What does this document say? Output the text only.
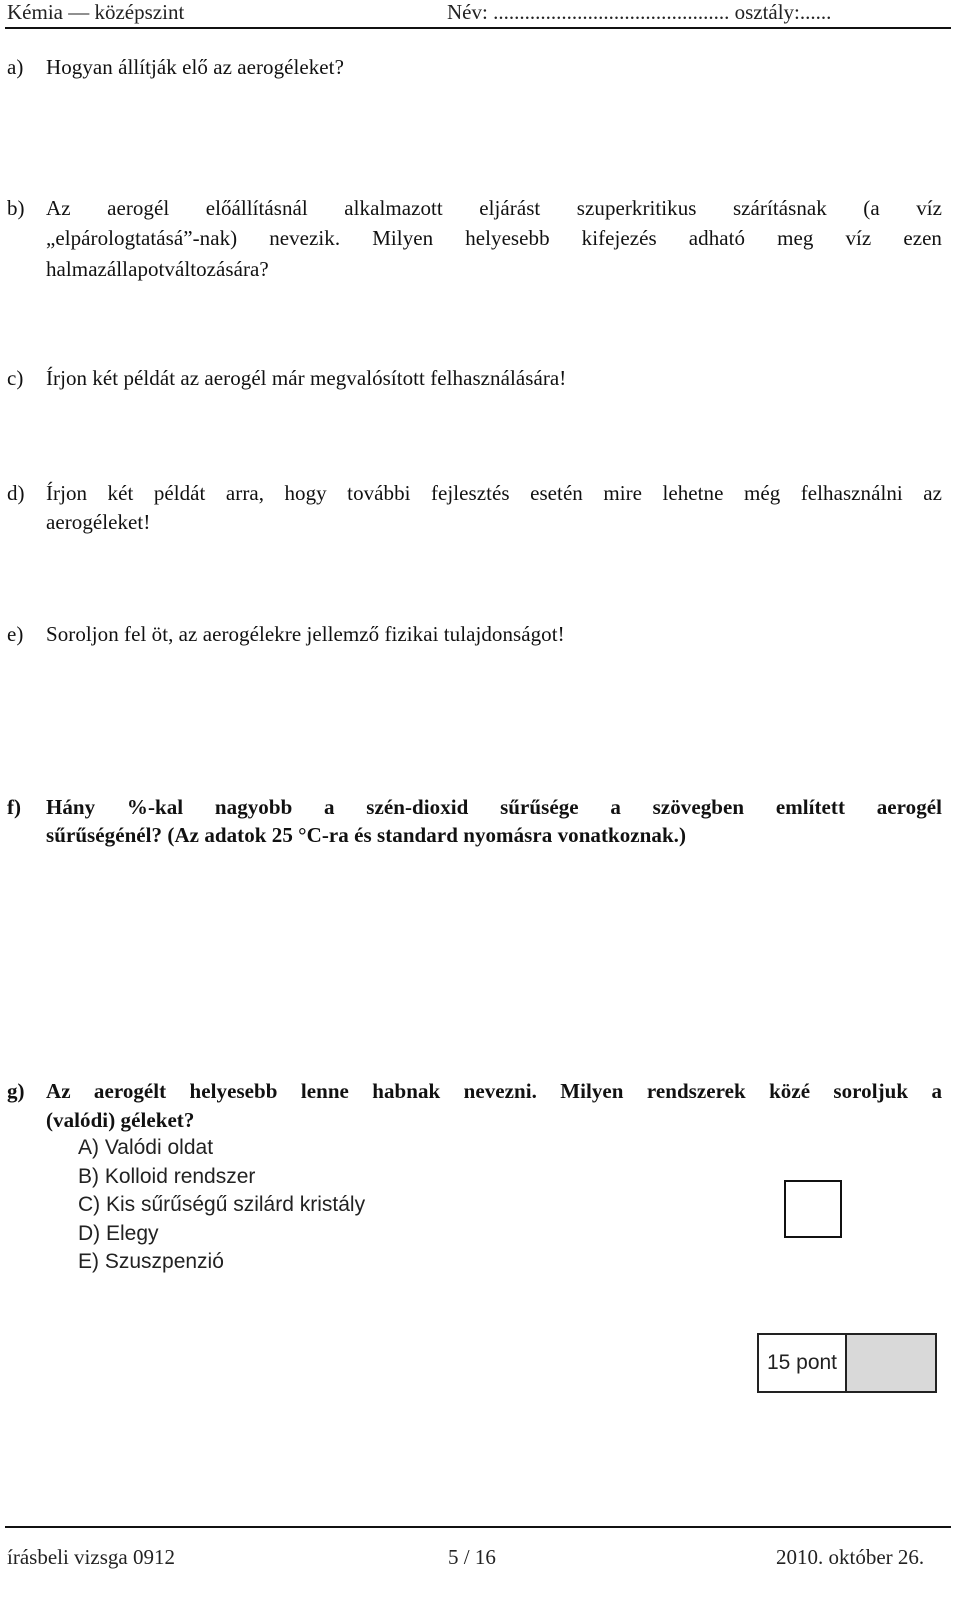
Kémia — középszint	Név: ............................................. osztály:......
a) Hogyan állítják elő az aerogéleket?
b) Az aerogél előállításnál alkalmazott eljárást szuperkritikus szárításnak (a víz
„elpárologtatásá”-nak) nevezik. Milyen helyesebb kifejezés adható meg víz ezen
halmazállapotváltozására?
c) Írjon két példát az aerogél már megvalósított felhasználására!
d) Írjon két példát arra, hogy további fejlesztés esetén mire lehetne még felhasználni az
aerogéleket!
e) Soroljon fel öt, az aerogélekre jellemző fizikai tulajdonságot!
f) Hány %-kal nagyobb a szén-dioxid sűrűsége a szövegben említett aerogél
sűrűségénél? (Az adatok 25 °C-ra és standard nyomásra vonatkoznak.)
g) Az aerogélt helyesebb lenne habnak nevezni. Milyen rendszerek közé soroljuk a
(valódi) géleket?
A) Valódi oldat
B) Kolloid rendszer
C) Kis sűrűségű szilárd kristály
D) Elegy
E) Szuszpenzió
15 pont
írásbeli vizsga 0912	5 / 16	2010. október 26.
